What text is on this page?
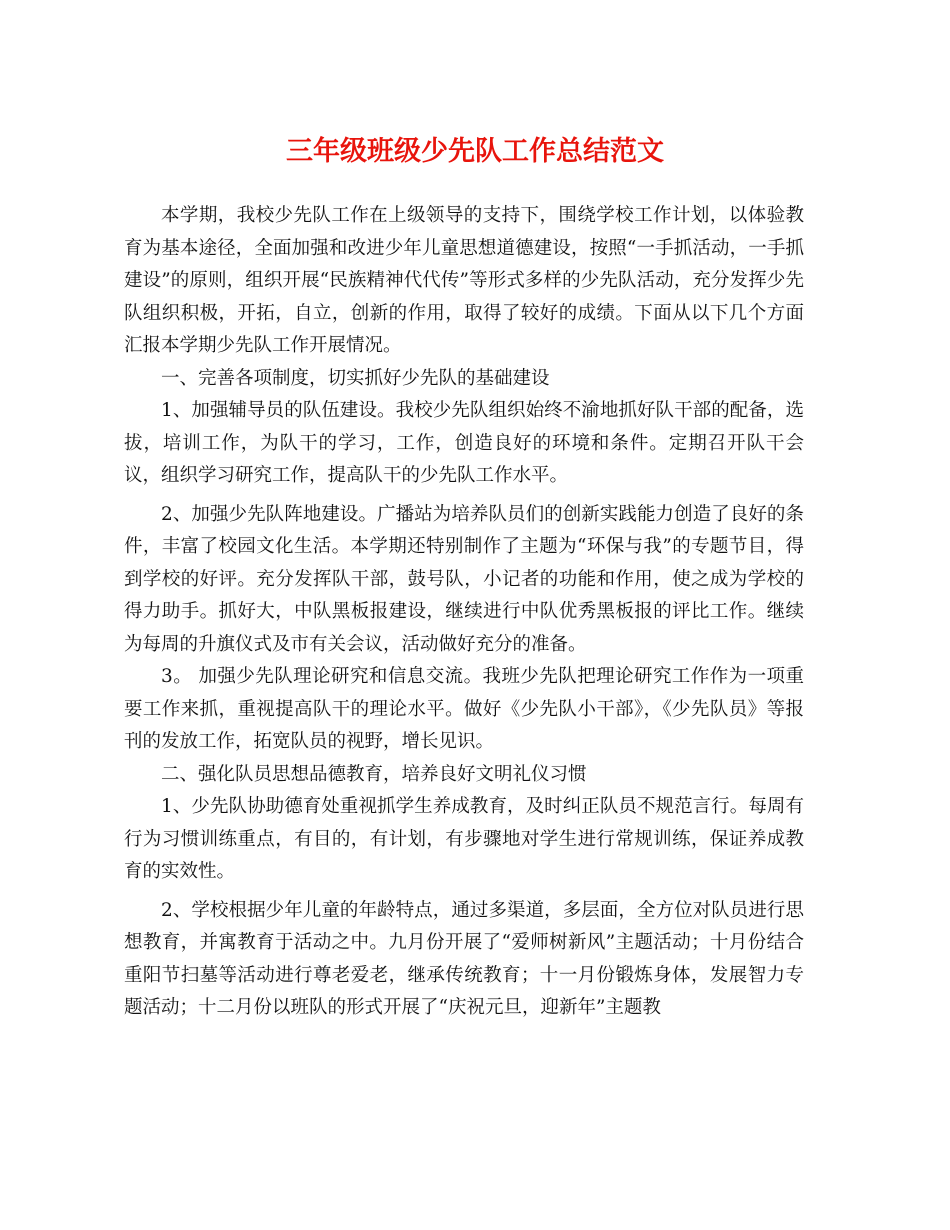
三年级班级少先队工作总结范文

本学期，我校少先队工作在上级领导的支持下，围绕学校工作计划，以体验教育为基本途径，全面加强和改进少年儿童思想道德建设，按照“一手抓活动，一手抓建设”的原则，组织开展“民族精神代代传”等形式多样的少先队活动，充分发挥少先队组织积极，开拓，自立，创新的作用，取得了较好的成绩。下面从以下几个方面汇报本学期少先队工作开展情况。

一、完善各项制度，切实抓好少先队的基础建设

1、加强辅导员的队伍建设。我校少先队组织始终不渝地抓好队干部的配备，选拔，培训工作，为队干的学习，工作，创造良好的环境和条件。定期召开队干会议，组织学习研究工作，提高队干的少先队工作水平。

2、加强少先队阵地建设。广播站为培养队员们的创新实践能力创造了良好的条件，丰富了校园文化生活。本学期还特别制作了主题为“环保与我”的专题节目，得到学校的好评。充分发挥队干部，鼓号队，小记者的功能和作用，使之成为学校的得力助手。抓好大，中队黑板报建设，继续进行中队优秀黑板报的评比工作。继续为每周的升旗仪式及市有关会议，活动做好充分的准备。

3。 加强少先队理论研究和信息交流。我班少先队把理论研究工作作为一项重要工作来抓，重视提高队干的理论水平。做好《少先队小干部》，《少先队员》等报刊的发放工作，拓宽队员的视野，增长见识。

二、强化队员思想品德教育，培养良好文明礼仪习惯

1、少先队协助德育处重视抓学生养成教育，及时纠正队员不规范言行。每周有行为习惯训练重点，有目的，有计划，有步骤地对学生进行常规训练，保证养成教育的实效性。

2、学校根据少年儿童的年龄特点，通过多渠道，多层面，全方位对队员进行思想教育，并寓教育于活动之中。九月份开展了“爱师树新风”主题活动；十月份结合重阳节扫墓等活动进行尊老爱老，继承传统教育；十一月份锻炼身体，发展智力专题活动；十二月份以班队的形式开展了“庆祝元旦，迎新年”主题教
